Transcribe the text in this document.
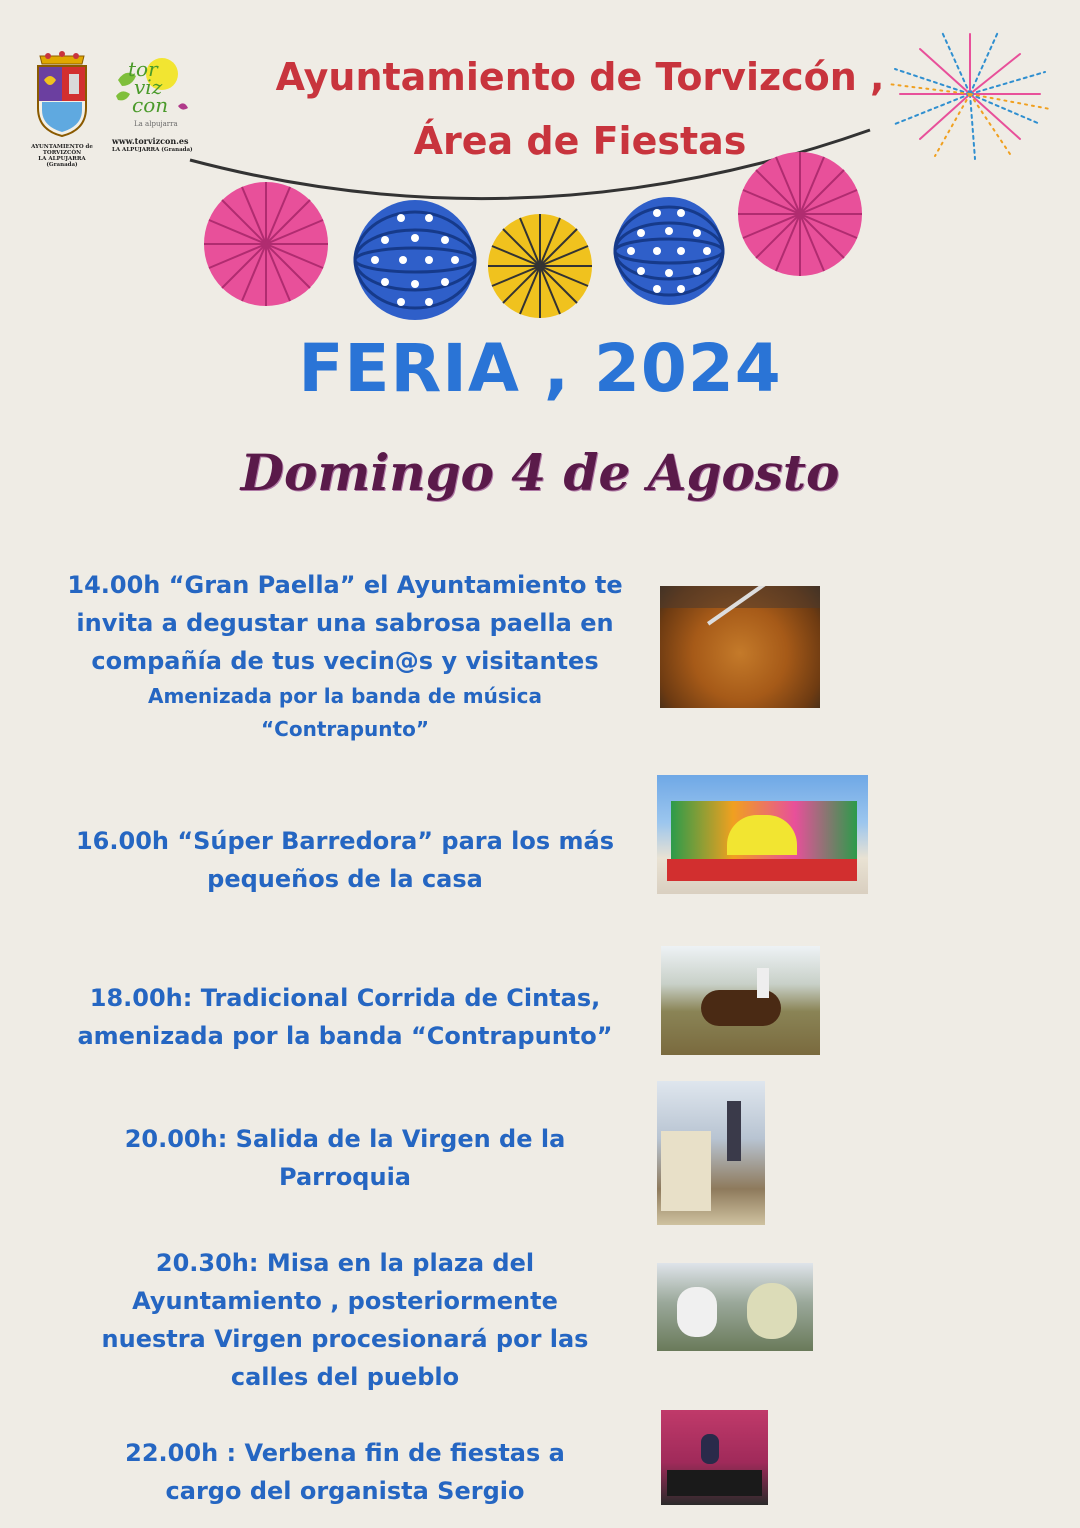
AYUNTAMIENTO de TORVIZCÓN
LA ALPUJARRA (Granada)
tor
viz
con
La alpujarra
www.torvizcon.es
LA ALPUJARRA (Granada)
Ayuntamiento de Torvizcón ,
Área de Fiestas
FERIA , 2024
Domingo 4 de Agosto
14.00h “Gran Paella” el Ayuntamiento te
invita a degustar una sabrosa paella en
compañía de tus vecin@s y visitantes
Amenizada por la banda de música
“Contrapunto”
16.00h “Súper Barredora” para los más
pequeños de la casa
18.00h: Tradicional Corrida de Cintas,
amenizada por la banda “Contrapunto”
20.00h: Salida de la Virgen de la
Parroquia
20.30h: Misa en la plaza del
Ayuntamiento , posteriormente
nuestra Virgen procesionará por las
calles del pueblo
22.00h : Verbena fin de fiestas a
cargo del organista Sergio
